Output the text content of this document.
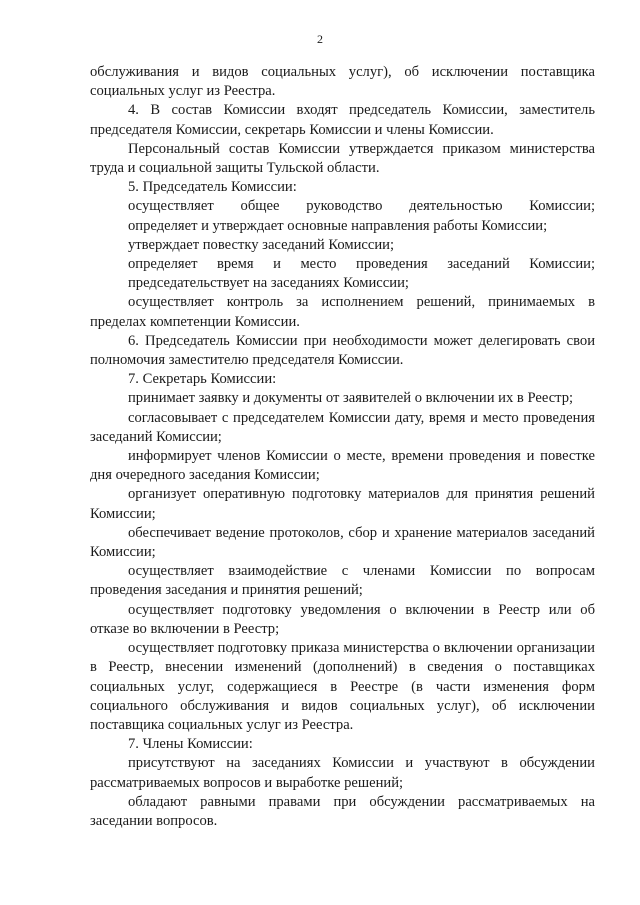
2

обслуживания и видов социальных услуг), об исключении поставщика социальных услуг из Реестра.

4. В состав Комиссии входят председатель Комиссии, заместитель председателя Комиссии, секретарь Комиссии и члены Комиссии.

Персональный состав Комиссии утверждается приказом министерства труда и социальной защиты Тульской области.

5. Председатель Комиссии:

осуществляет общее руководство деятельностью Комиссии;

определяет и утверждает основные направления работы Комиссии;

утверждает повестку заседаний Комиссии;

определяет время и место проведения заседаний Комиссии;

председательствует на заседаниях Комиссии;

осуществляет контроль за исполнением решений, принимаемых в пределах компетенции Комиссии.

6. Председатель Комиссии при необходимости может делегировать свои полномочия заместителю председателя Комиссии.

7. Секретарь Комиссии:

принимает заявку и документы от заявителей о включении их в Реестр;

согласовывает с председателем Комиссии дату, время и место проведения заседаний Комиссии;

информирует членов Комиссии о месте, времени проведения и повестке дня очередного заседания Комиссии;

организует оперативную подготовку материалов для принятия решений Комиссии;

обеспечивает ведение протоколов, сбор и хранение материалов заседаний Комиссии;

осуществляет взаимодействие с членами Комиссии по вопросам проведения заседания и принятия решений;

осуществляет подготовку уведомления о включении в Реестр или об отказе во включении в Реестр;

осуществляет подготовку приказа министерства о включении организации в Реестр, внесении изменений (дополнений) в сведения о поставщиках социальных услуг, содержащиеся в Реестре (в части изменения форм социального обслуживания и видов социальных услуг), об исключении поставщика социальных услуг из Реестра.

7. Члены Комиссии:

присутствуют на заседаниях Комиссии и участвуют в обсуждении рассматриваемых вопросов и выработке решений;

обладают равными правами при обсуждении рассматриваемых на заседании вопросов.
